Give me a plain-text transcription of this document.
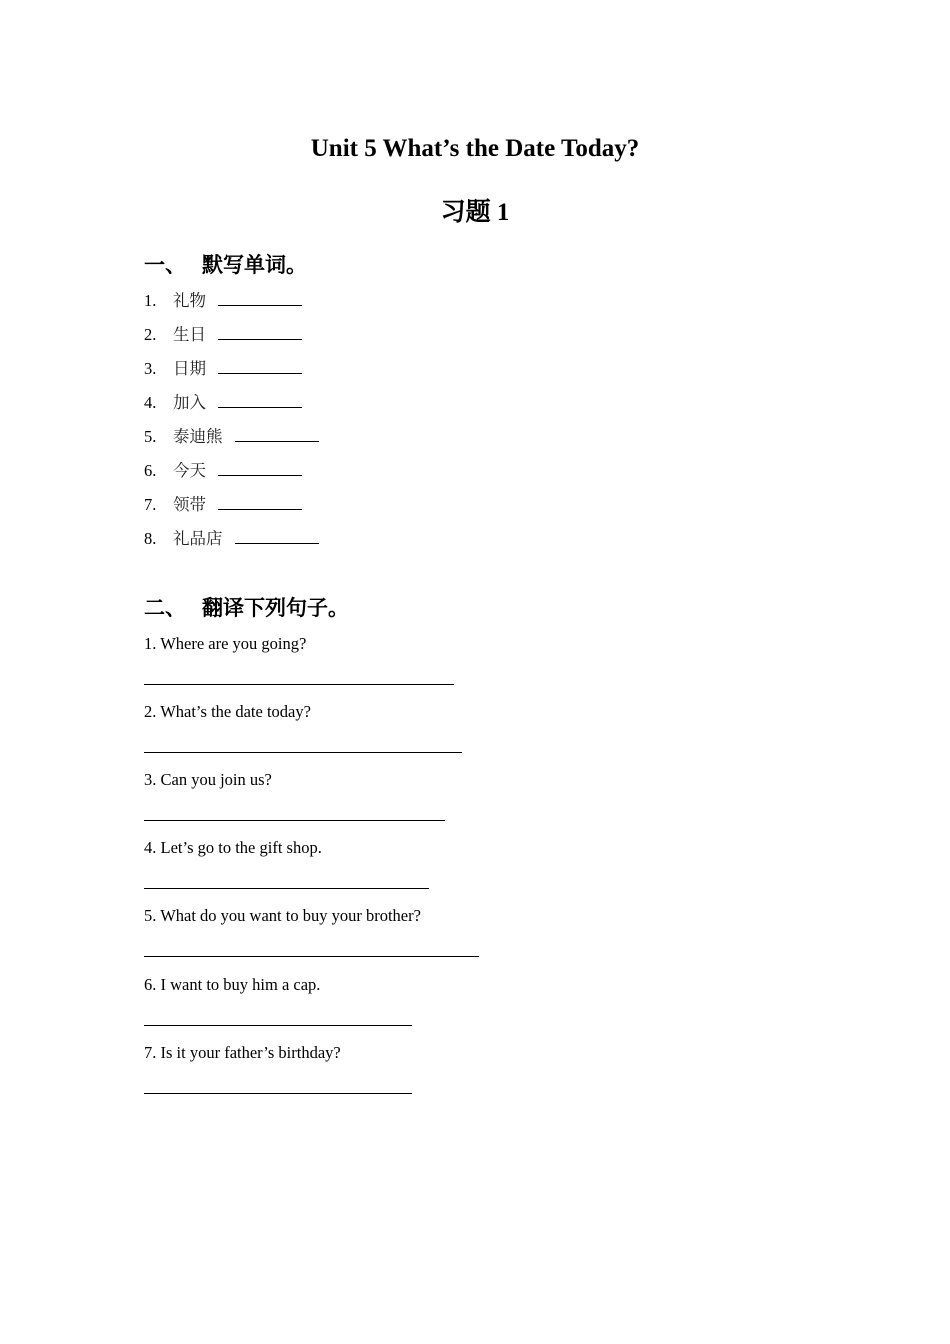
Unit 5 What’s the Date Today?
习题 1
一、 默写单词。
1. 礼物
2. 生日
3. 日期
4. 加入
5. 泰迪熊
6. 今天
7. 领带
8. 礼品店
二、 翻译下列句子。
1. Where are you going?
2. What’s the date today?
3. Can you join us?
4. Let’s go to the gift shop.
5. What do you want to buy your brother?
6. I want to buy him a cap.
7. Is it your father’s birthday?
